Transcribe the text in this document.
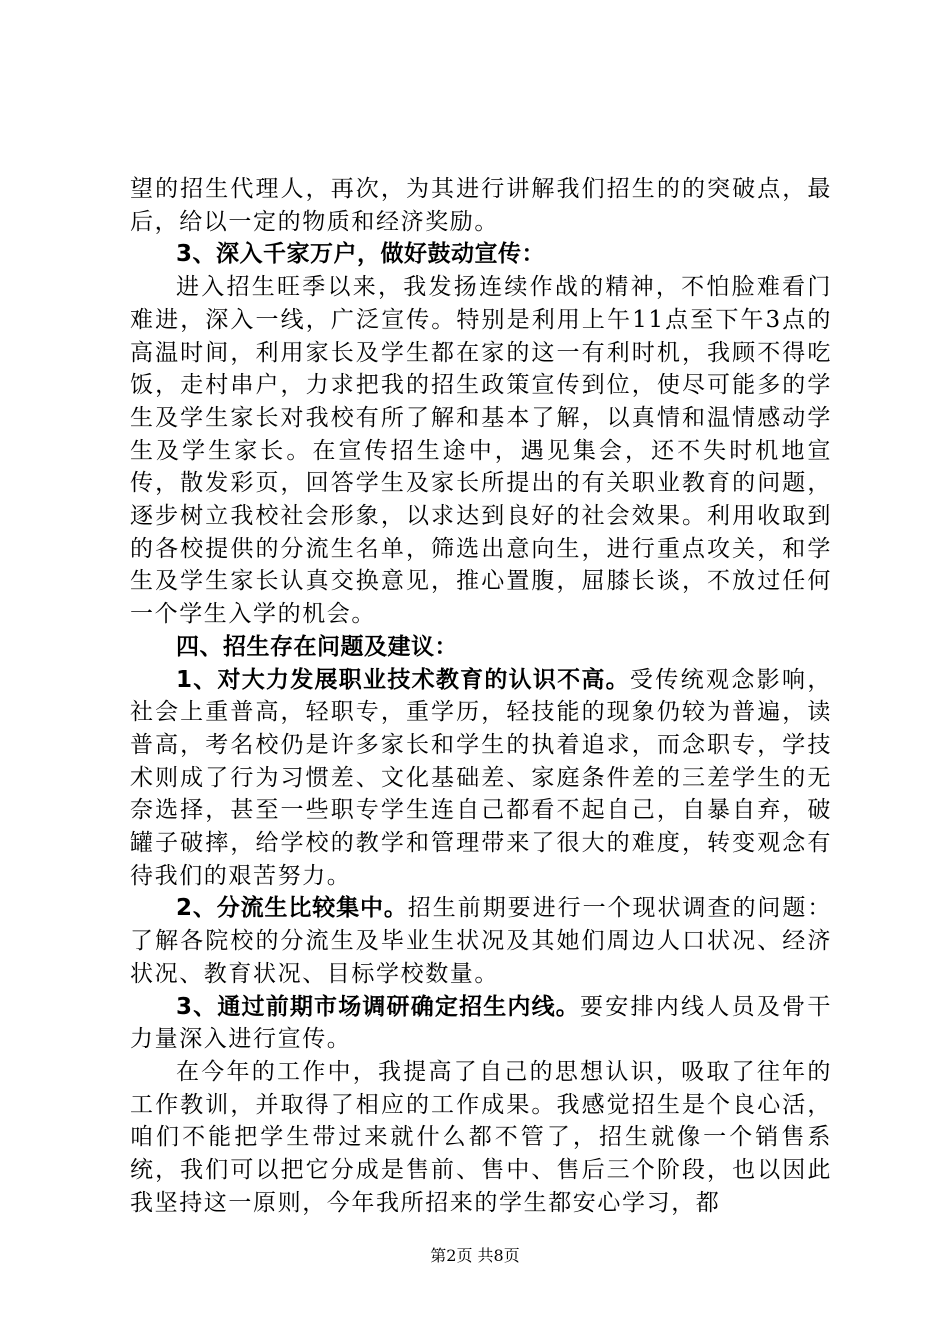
望的招生代理人，再次，为其进行讲解我们招生的的突破点，最后，给以一定的物质和经济奖励。

3、深入千家万户，做好鼓动宣传：

进入招生旺季以来，我发扬连续作战的精神，不怕脸难看门难进，深入一线，广泛宣传。特别是利用上午11点至下午3点的高温时间，利用家长及学生都在家的这一有利时机，我顾不得吃饭，走村串户，力求把我的招生政策宣传到位，使尽可能多的学生及学生家长对我校有所了解和基本了解，以真情和温情感动学生及学生家长。在宣传招生途中，遇见集会，还不失时机地宣传，散发彩页，回答学生及家长所提出的有关职业教育的问题，逐步树立我校社会形象，以求达到良好的社会效果。利用收取到的各校提供的分流生名单，筛选出意向生，进行重点攻关，和学生及学生家长认真交换意见，推心置腹，屈膝长谈，不放过任何一个学生入学的机会。

四、招生存在问题及建议：

1、对大力发展职业技术教育的认识不高。受传统观念影响，社会上重普高，轻职专，重学历，轻技能的现象仍较为普遍，读普高，考名校仍是许多家长和学生的执着追求，而念职专，学技术则成了行为习惯差、文化基础差、家庭条件差的三差学生的无奈选择，甚至一些职专学生连自己都看不起自己，自暴自弃，破罐子破摔，给学校的教学和管理带来了很大的难度，转变观念有待我们的艰苦努力。

2、分流生比较集中。招生前期要进行一个现状调查的问题：了解各院校的分流生及毕业生状况及其她们周边人口状况、经济状况、教育状况、目标学校数量。

3、通过前期市场调研确定招生内线。要安排内线人员及骨干力量深入进行宣传。

在今年的工作中，我提高了自己的思想认识，吸取了往年的工作教训，并取得了相应的工作成果。我感觉招生是个良心活，咱们不能把学生带过来就什么都不管了，招生就像一个销售系统，我们可以把它分成是售前、售中、售后三个阶段，也以因此我坚持这一原则，今年我所招来的学生都安心学习，都

第2页 共8页
